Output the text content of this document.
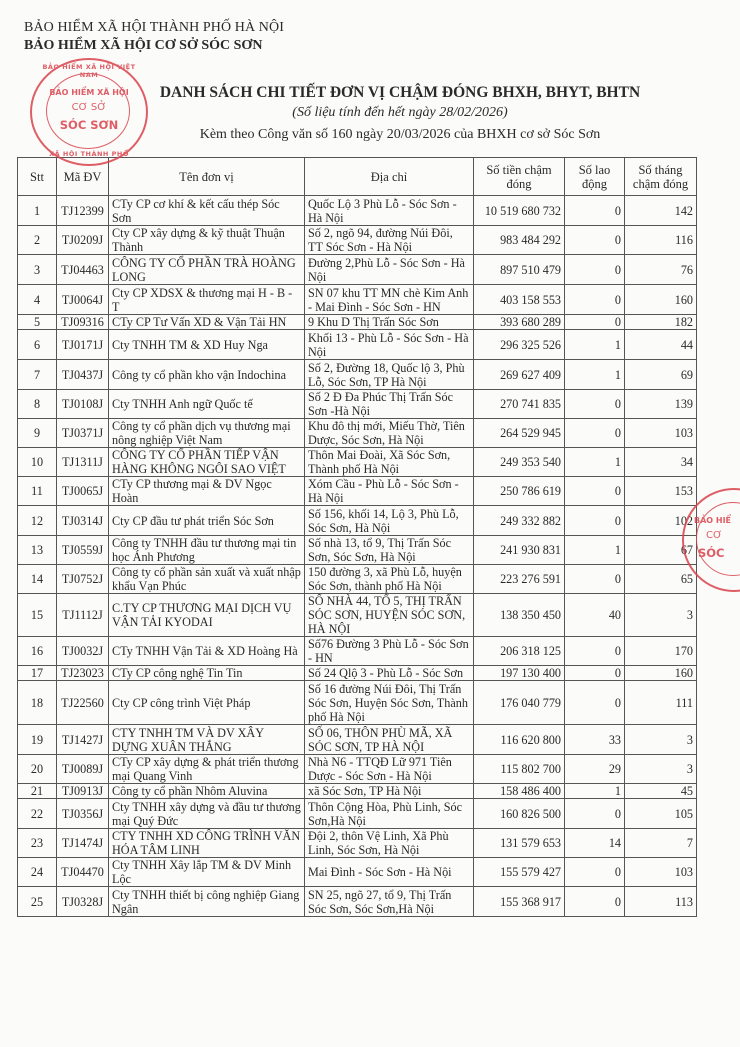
BẢO HIỂM XÃ HỘI THÀNH PHỐ HÀ NỘI
BẢO HIỂM XÃ HỘI CƠ SỞ SÓC SƠN
DANH SÁCH CHI TIẾT ĐƠN VỊ CHẬM ĐÓNG BHXH, BHYT, BHTN
(Số liệu tính đến hết ngày 28/02/2026)
Kèm theo Công văn số 160 ngày 20/03/2026 của BHXH cơ sở Sóc Sơn
Stt	Mã ĐV	Tên đơn vị	Địa chỉ	Số tiền chậm đóng	Số lao động	Số tháng chậm đóng
1	TJ12399	CTy CP cơ khí & kết cấu thép Sóc Sơn	Quốc Lộ 3 Phù Lỗ - Sóc Sơn - Hà Nội	10 519 680 732	0	142
2	TJ0209J	Cty CP xây dựng & kỹ thuật Thuận Thành	Số 2, ngõ 94, đường Núi Đôi, TT Sóc Sơn - Hà Nội	983 484 292	0	116
3	TJ04463	CÔNG TY CỔ PHẦN TRÀ HOÀNG LONG	Đường 2,Phù Lỗ - Sóc Sơn - Hà Nội	897 510 479	0	76
4	TJ0064J	Cty CP XDSX & thương mại H - B - T	SN 07 khu TT MN chè Kim Anh - Mai Đình - Sóc Sơn - HN	403 158 553	0	160
5	TJ09316	CTy CP Tư Vấn XD & Vận Tải HN	9 Khu D Thị Trấn Sóc Sơn	393 680 289	0	182
6	TJ0171J	Cty TNHH TM & XD Huy Nga	Khối 13 - Phù Lỗ - Sóc Sơn - Hà Nội	296 325 526	1	44
7	TJ0437J	Công ty cổ phần kho vận Indochina	Số 2, Đường 18, Quốc lộ 3, Phù Lỗ, Sóc Sơn, TP Hà Nội	269 627 409	1	69
8	TJ0108J	Cty TNHH Anh ngữ Quốc tế	Số 2 Đ Đa Phúc Thị Trấn Sóc Sơn -Hà Nội	270 741 835	0	139
9	TJ0371J	Công ty cổ phần dịch vụ thương mại nông nghiệp Việt Nam	Khu đô thị mới, Miếu Thờ, Tiên Dược, Sóc Sơn, Hà Nội	264 529 945	0	103
10	TJ1311J	CÔNG TY CỔ PHẦN TIẾP VẬN HÀNG KHÔNG NGÔI SAO VIỆT	Thôn Mai Đoài, Xã Sóc Sơn, Thành phố Hà Nội	249 353 540	1	34
11	TJ0065J	CTy CP thương mại & DV Ngọc Hoàn	Xóm Cầu - Phù Lỗ - Sóc Sơn - Hà Nội	250 786 619	0	153
12	TJ0314J	Cty CP đầu tư phát triển Sóc Sơn	Số 156, khối 14, Lộ 3, Phù Lỗ, Sóc Sơn, Hà Nội	249 332 882	0	102
13	TJ0559J	Công ty TNHH đầu tư thương mại tin học Ánh Phương	Số nhà 13, tổ 9, Thị Trấn Sóc Sơn, Sóc Sơn, Hà Nội	241 930 831	1	67
14	TJ0752J	Công ty cổ phần sản xuất và xuất nhập khẩu Vạn Phúc	150 đường 3, xã Phù Lỗ, huyện Sóc Sơn, thành phố Hà Nội	223 276 591	0	65
15	TJ1112J	C.TY CP THƯƠNG MẠI DỊCH VỤ VẬN TẢI KYODAI	SỐ NHÀ 44, TỔ 5, THỊ TRẤN SÓC SƠN, HUYỆN SÓC SƠN, HÀ NỘI	138 350 450	40	3
16	TJ0032J	CTy TNHH Vận Tải & XD Hoàng Hà	Số76 Đường 3 Phù Lỗ - Sóc Sơn - HN	206 318 125	0	170
17	TJ23023	CTy CP công nghệ Tin Tin	Số 24 Qlộ 3 - Phù Lỗ - Sóc Sơn	197 130 400	0	160
18	TJ22560	Cty CP công trình Việt Pháp	Số 16 đường Núi Đôi, Thị Trấn Sóc Sơn, Huyện Sóc Sơn, Thành phố Hà Nội	176 040 779	0	111
19	TJ1427J	CTY TNHH TM VÀ DV XÂY DỰNG XUÂN THẮNG	SỐ 06, THÔN PHÙ MÃ, XÃ SÓC SƠN, TP HÀ NỘI	116 620 800	33	3
20	TJ0089J	CTy CP xây dựng & phát triển thương mại Quang Vinh	Nhà N6 - TTQĐ Lữ 971 Tiên Dược - Sóc Sơn - Hà Nội	115 802 700	29	3
21	TJ0913J	Công ty cổ phần Nhôm Aluvina	xã Sóc Sơn, TP Hà Nội	158 486 400	1	45
22	TJ0356J	Cty TNHH xây dựng và đầu tư thương mại Quý Đức	Thôn Cộng Hòa, Phù Linh, Sóc Sơn,Hà Nội	160 826 500	0	105
23	TJ1474J	CTY TNHH XD CÔNG TRÌNH VĂN HÓA TÂM LINH	Đội 2, thôn Vệ Linh, Xã Phù Linh, Sóc Sơn, Hà Nội	131 579 653	14	7
24	TJ04470	Cty TNHH Xây lắp TM & DV Minh Lộc	Mai Đình - Sóc Sơn - Hà Nội	155 579 427	0	103
25	TJ0328J	Cty TNHH thiết bị công nghiệp Giang Ngân	SN 25, ngõ 27, tổ 9, Thị Trấn Sóc Sơn, Sóc Sơn,Hà Nội	155 368 917	0	113
BẢO HIỂM XÃ HỘI VIỆT NAM
BẢO HIỂM XÃ HỘI
CƠ SỞ
SÓC SƠN
XÃ HỘI THÀNH PHỐ
BẢO HIỂ
CƠ
SÓC
